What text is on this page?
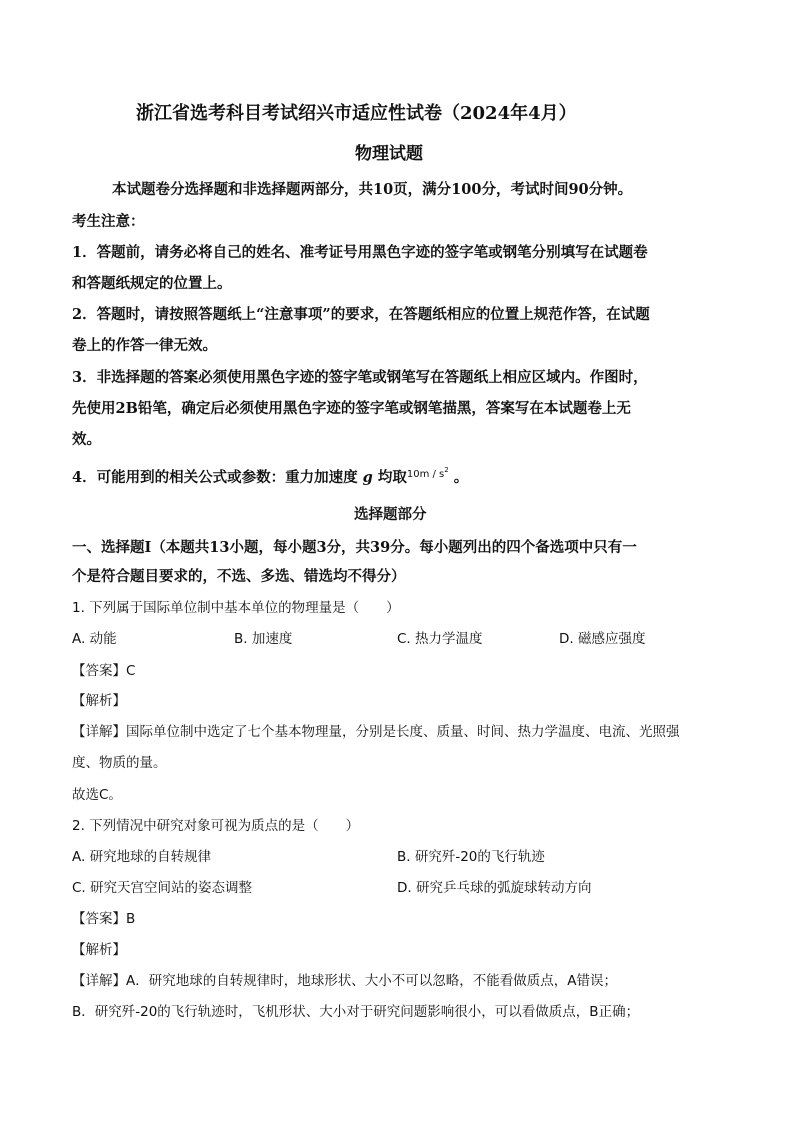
浙江省选考科目考试绍兴市适应性试卷（2024年4月）
物理试题
本试题卷分选择题和非选择题两部分，共10页，满分100分，考试时间90分钟。
考生注意：
1．答题前，请务必将自己的姓名、准考证号用黑色字迹的签字笔或钢笔分别填写在试题卷
和答题纸规定的位置上。
2．答题时，请按照答题纸上“注意事项”的要求，在答题纸相应的位置上规范作答，在试题
卷上的作答一律无效。
3．非选择题的答案必须使用黑色字迹的签字笔或钢笔写在答题纸上相应区域内。作图时，
先使用2B铅笔，确定后必须使用黑色字迹的签字笔或钢笔描黑，答案写在本试题卷上无
效。
4．可能用到的相关公式或参数：重力加速度 g 均取$^{10m / s^2}$ 。
选择题部分
一、选择题Ⅰ（本题共13小题，每小题3分，共39分。每小题列出的四个备选项中只有一
个是符合题目要求的，不选、多选、错选均不得分）
1. 下列属于国际单位制中基本单位的物理量是（　　）
A. 动能	B. 加速度	C. 热力学温度	D. 磁感应强度
【答案】C
【解析】
【详解】国际单位制中选定了七个基本物理量，分别是长度、质量、时间、热力学温度、电流、光照强
度、物质的量。
故选C。
2. 下列情况中研究对象可视为质点的是（　　）
A. 研究地球的自转规律	B. 研究歼-20的飞行轨迹
C. 研究天宫空间站的姿态调整	D. 研究乒乓球的弧旋球转动方向
【答案】B
【解析】
【详解】A．研究地球的自转规律时，地球形状、大小不可以忽略，不能看做质点，A错误；
B．研究歼-20的飞行轨迹时，飞机形状、大小对于研究问题影响很小，可以看做质点，B正确；
